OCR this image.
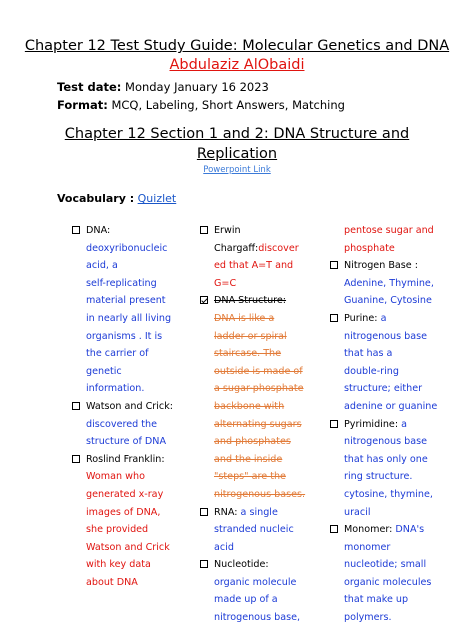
Chapter 12 Test Study Guide: Molecular Genetics and DNA
Abdulaziz AlObaidi
Test date: Monday January 16 2023
Format: MCQ, Labeling, Short Answers, Matching
Chapter 12 Section 1 and 2: DNA Structure and
Replication
Powerpoint Link
Vocabulary : Quizlet
DNA:
deoxyribonucleic
acid, a
self-replicating
material present
in nearly all living
organisms . It is
the carrier of
genetic
information.
Watson and Crick:
discovered the
structure of DNA
Roslind Franklin:
Woman who
generated x-ray
images of DNA,
she provided
Watson and Crick
with key data
about DNA
Erwin
Chargaff:discover
ed that A=T and
G=C
DNA Structure:
DNA is like a
ladder or spiral
staircase. The
outside is made of
a sugar-phosphate
backbone with
alternating sugars
and phosphates
and the inside
"steps" are the
nitrogenous bases.
RNA: a single
stranded nucleic
acid
Nucleotide:
organic molecule
made up of a
nitrogenous base,
pentose sugar and
phosphate
Nitrogen Base :
Adenine, Thymine,
Guanine, Cytosine
Purine: a
nitrogenous base
that has a
double-ring
structure; either
adenine or guanine
Pyrimidine: a
nitrogenous base
that has only one
ring structure.
cytosine, thymine,
uracil
Monomer: DNA's
monomer
nucleotide; small
organic molecules
that make up
polymers.
